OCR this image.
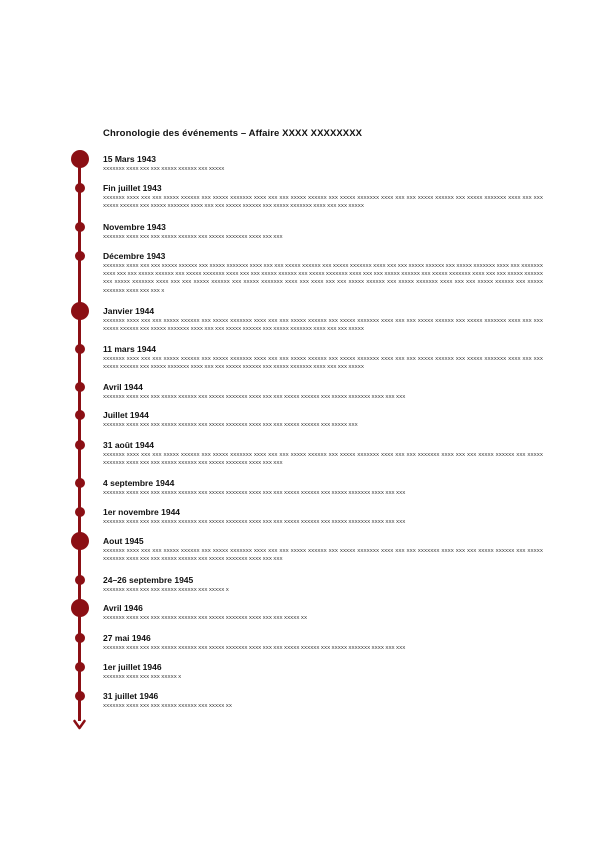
Chronologie des événements – Affaire XXXX XXXXXXXX
15 Mars 1943
XXXXXXX XXXX XXX XXX XXXXX XXXXXX XXX XXXXX
Fin juillet 1943
XXXXXXX XXXX XXX XXX XXXXX XXXXXX XXX XXXXX XXXXXXX XXXX XXX XXX XXXXX XXXXXX XXX XXXXX XXXXXXX XXXX XXX XXX XXXXX XXXXXX XXX XXXXX XXXXXXX XXXX XXX XXX XXXXX XXXXXX XXX XXXXX XXXXXXX XXXX XXX XXX XXXXX XXXXXX XXX XXXXX XXXXXXX XXXX XXX XXX XXXXX
Novembre 1943
XXXXXXX XXXX XXX XXX XXXXX XXXXXX XXX XXXXX XXXXXXX XXXX XXX XXX
Décembre 1943
XXXXXXX XXXX XXX XXX XXXXX XXXXXX XXX XXXXX XXXXXXX XXXX XXX XXX XXXXX XXXXXX XXX XXXXX XXXXXXX XXXX XXX XXX XXXXX XXXXXX XXX XXXXX XXXXXXX XXXX XXX XXXXXXX XXXX XXX XXX XXXXX XXXXXX XXX XXXXX XXXXXXX XXXX XXX XXX XXXXX XXXXXX XXX XXXXX XXXXXXX XXXX XXX XXX XXXXX XXXXXX XXX XXXXX XXXXXXX XXXX XXX XXX XXXXX XXXXXX XXX XXXXX XXXXXXX XXXX XXX XXX XXXXX XXXXXX XXX XXXXX XXXXXXX XXXX XXX XXXX XXX XXX XXXXX XXXXXX XXX XXXXX XXXXXXX XXXX XXX XXX XXXXX XXXXXX XXX XXXXX XXXXXXX XXXX XXX XXX X
Janvier 1944
XXXXXXX XXXX XXX XXX XXXXX XXXXXX XXX XXXXX XXXXXXX XXXX XXX XXX XXXXX XXXXXX XXX XXXXX XXXXXXX XXXX XXX XXX XXXXX XXXXXX XXX XXXXX XXXXXXX XXXX XXX XXX XXXXX XXXXXX XXX XXXXX XXXXXXX XXXX XXX XXX XXXXX XXXXXX XXX XXXXX XXXXXXX XXXX XXX XXX XXXXX
11 mars 1944
XXXXXXX XXXX XXX XXX XXXXX XXXXXX XXX XXXXX XXXXXXX XXXX XXX XXX XXXXX XXXXXX XXX XXXXX XXXXXXX XXXX XXX XXX XXXXX XXXXXX XXX XXXXX XXXXXXX XXXX XXX XXX XXXXX XXXXXX XXX XXXXX XXXXXXX XXXX XXX XXX XXXXX XXXXXX XXX XXXXX XXXXXXX XXXX XXX XXX XXXXX
Avril 1944
XXXXXXX XXXX XXX XXX XXXXX XXXXXX XXX XXXXX XXXXXXX XXXX XXX XXX XXXXX XXXXXX XXX XXXXX XXXXXXX XXXX XXX XXX
Juillet 1944
XXXXXXX XXXX XXX XXX XXXXX XXXXXX XXX XXXXX XXXXXXX XXXX XXX XXX XXXXX XXXXXX XXX XXXXX XXX
31 août 1944
XXXXXXX XXXX XXX XXX XXXXX XXXXXX XXX XXXXX XXXXXXX XXXX XXX XXX XXXXX XXXXXX XXX XXXXX XXXXXXX XXXX XXX XXX XXXXXXX XXXX XXX XXX XXXXX XXXXXX XXX XXXXX XXXXXXX XXXX XXX XXX XXXXX XXXXXX XXX XXXXX XXXXXXX XXXX XXX XXX
4 septembre 1944
XXXXXXX XXXX XXX XXX XXXXX XXXXXX XXX XXXXX XXXXXXX XXXX XXX XXX XXXXX XXXXXX XXX XXXXX XXXXXXX XXXX XXX XXX
1er novembre 1944
XXXXXXX XXXX XXX XXX XXXXX XXXXXX XXX XXXXX XXXXXXX XXXX XXX XXX XXXXX XXXXXX XXX XXXXX XXXXXXX XXXX XXX XXX
Aout 1945
XXXXXXX XXXX XXX XXX XXXXX XXXXXX XXX XXXXX XXXXXXX XXXX XXX XXX XXXXX XXXXXX XXX XXXXX XXXXXXX XXXX XXX XXX XXXXXXX XXXX XXX XXX XXXXX XXXXXX XXX XXXXX XXXXXXX XXXX XXX XXX XXXXX XXXXXX XXX XXXXX XXXXXXX XXXX XXX XXX
24–26 septembre 1945
XXXXXXX XXXX XXX XXX XXXXX XXXXXX XXX XXXXX X
Avril 1946
XXXXXXX XXXX XXX XXX XXXXX XXXXXX XXX XXXXX XXXXXXX XXXX XXX XXX XXXXX XX
27 mai 1946
XXXXXXX XXXX XXX XXX XXXXX XXXXXX XXX XXXXX XXXXXXX XXXX XXX XXX XXXXX XXXXXX XXX XXXXX XXXXXXX XXXX XXX XXX
1er juillet 1946
XXXXXXX XXXX XXX XXX XXXXX X
31 juillet 1946
XXXXXXX XXXX XXX XXX XXXXX XXXXXX XXX XXXXX XX
